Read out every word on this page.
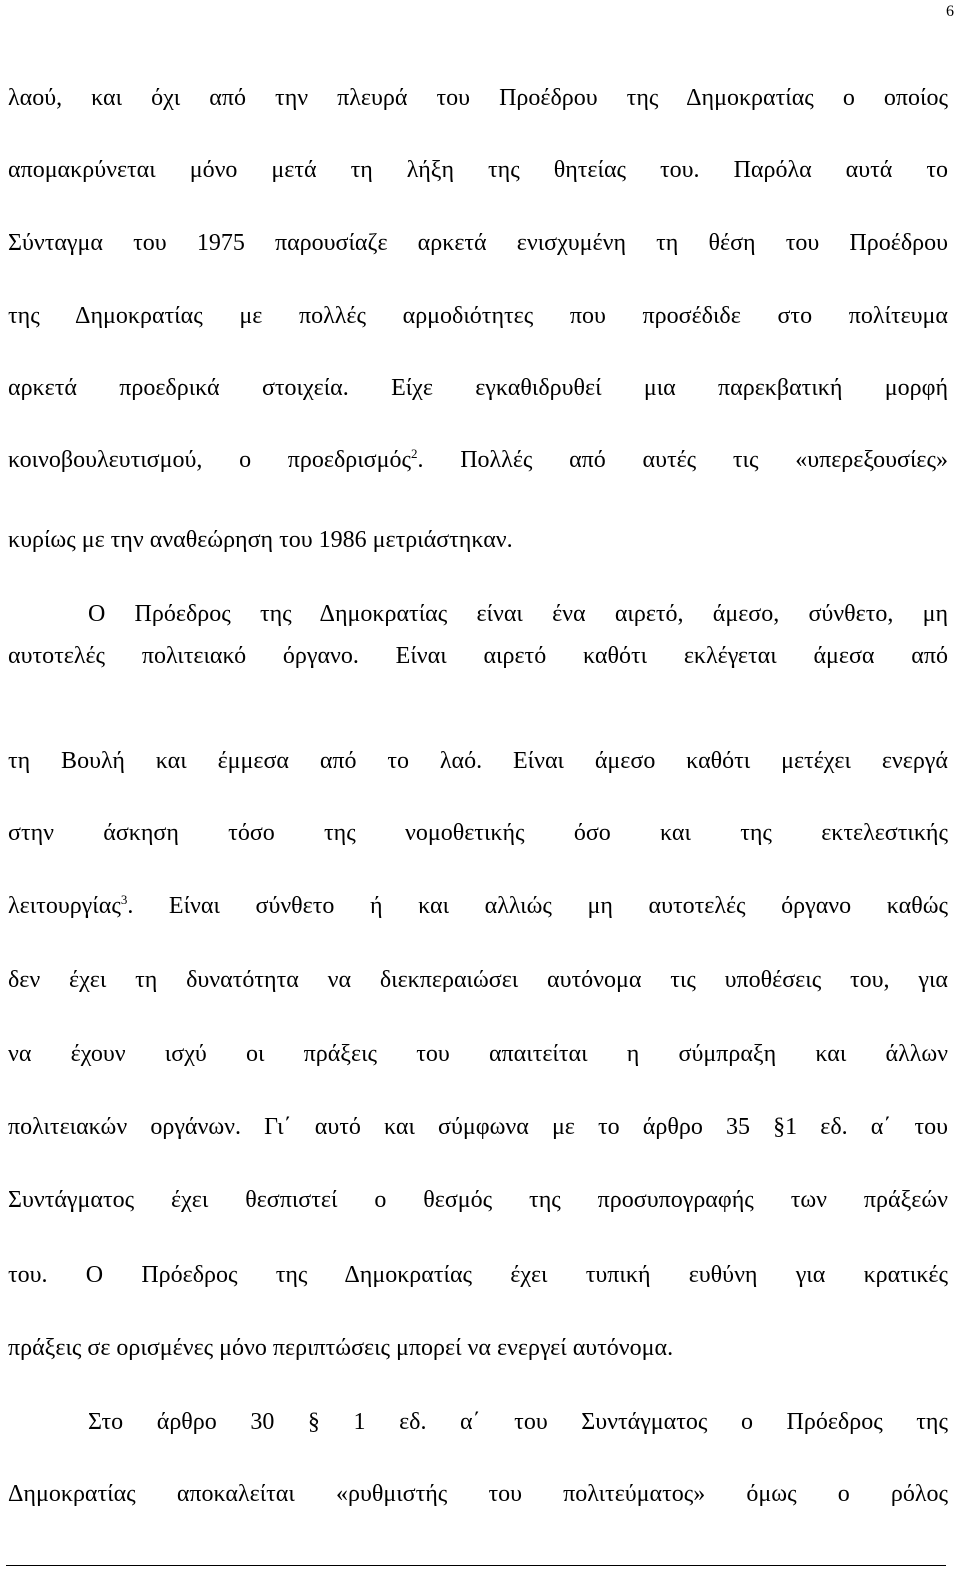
6
λαού, και όχι από την πλευρά του Προέδρου της Δημοκρατίας ο οποίος
απομακρύνεται μόνο μετά τη λήξη της θητείας του. Παρόλα αυτά το
Σύνταγμα του 1975 παρουσίαζε αρκετά ενισχυμένη τη θέση του Προέδρου
της Δημοκρατίας με πολλές αρμοδιότητες που προσέδιδε στο πολίτευμα
αρκετά προεδρικά στοιχεία. Είχε εγκαθιδρυθεί μια παρεκβατική μορφή
κοινοβουλευτισμού, ο προεδρισμός$^2$. Πολλές από αυτές τις «υπερεξουσίες»
κυρίως με την αναθεώρηση του 1986 μετριάστηκαν.
Ο Πρόεδρος της Δημοκρατίας είναι ένα αιρετό, άμεσο, σύνθετο, μη
αυτοτελές πολιτειακό όργανο. Είναι αιρετό καθότι εκλέγεται άμεσα από
τη Βουλή και έμμεσα από το λαό. Είναι άμεσο καθότι μετέχει ενεργά
στην άσκηση τόσο της νομοθετικής όσο και της εκτελεστικής
λειτουργίας$^3$. Είναι σύνθετο ή και αλλιώς μη αυτοτελές όργανο καθώς
δεν έχει τη δυνατότητα να διεκπεραιώσει αυτόνομα τις υποθέσεις του, για
να έχουν ισχύ οι πράξεις του απαιτείται η σύμπραξη και άλλων
πολιτειακών οργάνων. Γι΄ αυτό και σύμφωνα με το άρθρο 35 §1 εδ. α΄ του
Συντάγματος έχει θεσπιστεί ο θεσμός της προσυπογραφής των πράξεών
του. Ο Πρόεδρος της Δημοκρατίας έχει τυπική ευθύνη για κρατικές
πράξεις σε ορισμένες μόνο περιπτώσεις μπορεί να ενεργεί αυτόνομα.
Στο άρθρο 30 § 1 εδ. α΄ του Συντάγματος ο Πρόεδρος της
Δημοκρατίας αποκαλείται «ρυθμιστής του πολιτεύματος» όμως ο ρόλος
